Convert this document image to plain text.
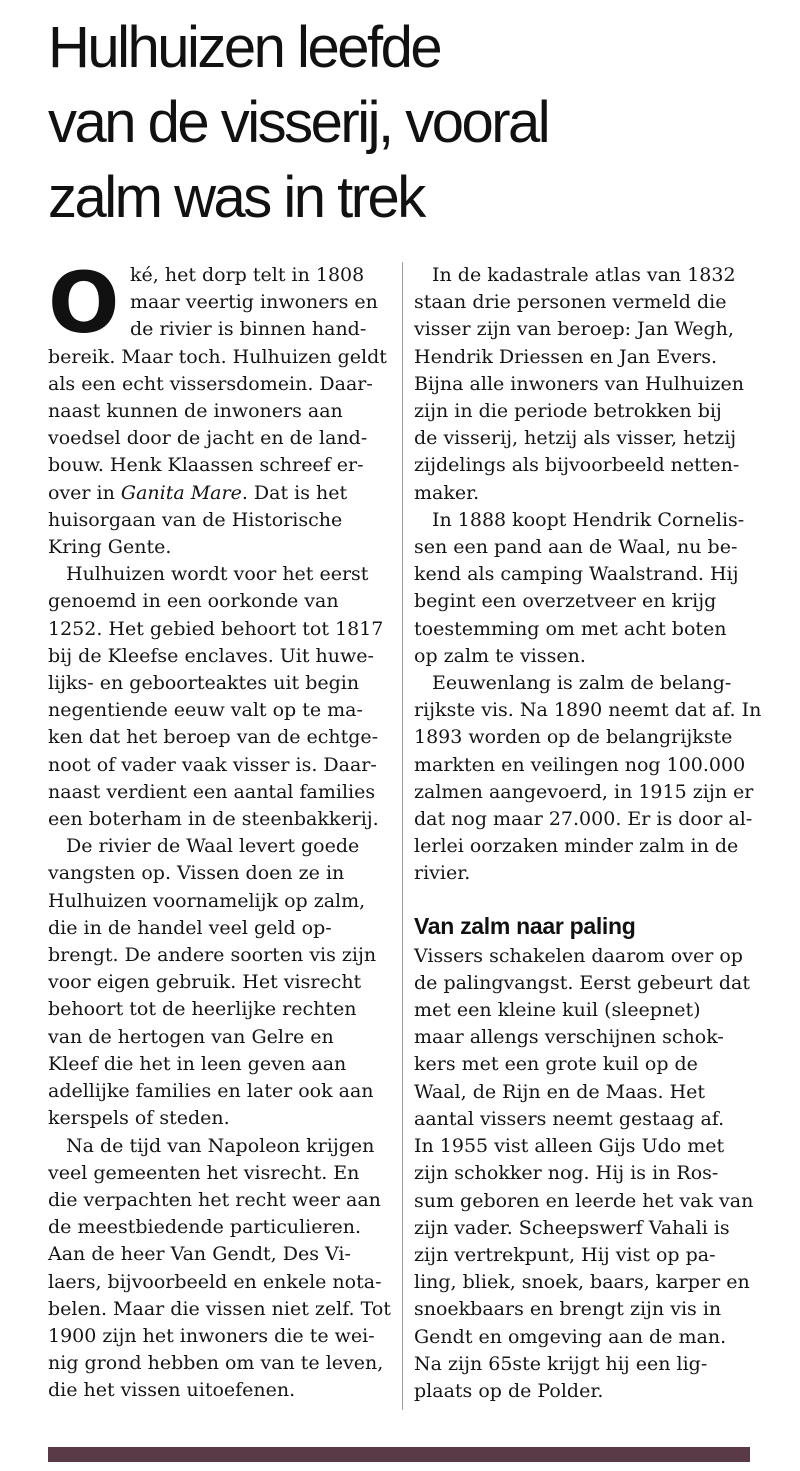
Hulhuizen leefde
van de visserij, vooral
zalm was in trek
O ké, het dorp telt in 1808
maar veertig inwoners en
de rivier is binnen hand-
bereik. Maar toch. Hulhuizen geldt
als een echt vissersdomein. Daar-
naast kunnen de inwoners aan
voedsel door de jacht en de land-
bouw. Henk Klaassen schreef er-
over in Ganita Mare. Dat is het
huisorgaan van de Historische
Kring Gente.
Hulhuizen wordt voor het eerst
genoemd in een oorkonde van
1252. Het gebied behoort tot 1817
bij de Kleefse enclaves. Uit huwe-
lijks- en geboorteaktes uit begin
negentiende eeuw valt op te ma-
ken dat het beroep van de echtge-
noot of vader vaak visser is. Daar-
naast verdient een aantal families
een boterham in de steenbakkerij.
De rivier de Waal levert goede
vangsten op. Vissen doen ze in
Hulhuizen voornamelijk op zalm,
die in de handel veel geld op-
brengt. De andere soorten vis zijn
voor eigen gebruik. Het visrecht
behoort tot de heerlijke rechten
van de hertogen van Gelre en
Kleef die het in leen geven aan
adellijke families en later ook aan
kerspels of steden.
Na de tijd van Napoleon krijgen
veel gemeenten het visrecht. En
die verpachten het recht weer aan
de meestbiedende particulieren.
Aan de heer Van Gendt, Des Vi-
laers, bijvoorbeeld en enkele nota-
belen. Maar die vissen niet zelf. Tot
1900 zijn het inwoners die te wei-
nig grond hebben om van te leven,
die het vissen uitoefenen.
In de kadastrale atlas van 1832
staan drie personen vermeld die
visser zijn van beroep: Jan Wegh,
Hendrik Driessen en Jan Evers.
Bijna alle inwoners van Hulhuizen
zijn in die periode betrokken bij
de visserij, hetzij als visser, hetzij
zijdelings als bijvoorbeeld netten-
maker.
In 1888 koopt Hendrik Cornelis-
sen een pand aan de Waal, nu be-
kend als camping Waalstrand. Hij
begint een overzetveer en krijg
toestemming om met acht boten
op zalm te vissen.
Eeuwenlang is zalm de belang-
rijkste vis. Na 1890 neemt dat af. In
1893 worden op de belangrijkste
markten en veilingen nog 100.000
zalmen aangevoerd, in 1915 zijn er
dat nog maar 27.000. Er is door al-
lerlei oorzaken minder zalm in de
rivier.
Van zalm naar paling
Vissers schakelen daarom over op
de palingvangst. Eerst gebeurt dat
met een kleine kuil (sleepnet)
maar allengs verschijnen schok-
kers met een grote kuil op de
Waal, de Rijn en de Maas. Het
aantal vissers neemt gestaag af.
In 1955 vist alleen Gijs Udo met
zijn schokker nog. Hij is in Ros-
sum geboren en leerde het vak van
zijn vader. Scheepswerf Vahali is
zijn vertrekpunt, Hij vist op pa-
ling, bliek, snoek, baars, karper en
snoekbaars en brengt zijn vis in
Gendt en omgeving aan de man.
Na zijn 65ste krijgt hij een lig-
plaats op de Polder.
